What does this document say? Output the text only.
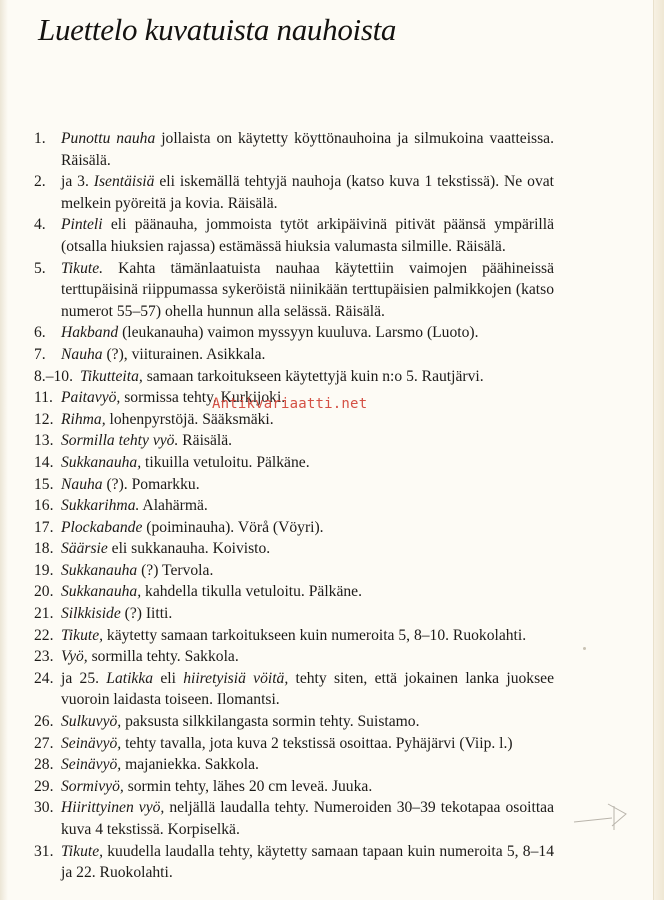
Luettelo kuvatuista nauhoista
1. Punottu nauha jollaista on käytetty köyttönauhoina ja silmukoina vaatteissa. Räisälä.
2. ja 3. Isentäisiä eli iskemällä tehtyjä nauhoja (katso kuva 1 tekstissä). Ne ovat melkein pyöreitä ja kovia. Räisälä.
4. Pinteli eli päänauha, jommoista tytöt arkipäivinä pitivät päänsä ympärillä (otsalla hiuksien rajassa) estämässä hiuksia valumasta silmille. Räisälä.
5. Tikute. Kahta tämänlaatuista nauhaa käytettiin vaimojen päähineissä terttupäisinä riippumassa sykeröistä niinikään terttupäisien palmikkojen (katso numerot 55–57) ohella hunnun alla selässä. Räisälä.
6. Hakband (leukanauha) vaimon myssyyn kuuluva. Larsmo (Luoto).
7. Nauha (?), viiturainen. Asikkala.
8.–10. Tikutteita, samaan tarkoitukseen käytettyjä kuin n:o 5. Rautjärvi.
11. Paitavyö, sormissa tehty. Kurkijoki.
12. Rihma, lohenpyrstöjä. Sääksmäki.
13. Sormilla tehty vyö. Räisälä.
14. Sukkanauha, tikuilla vetuloitu. Pälkäne.
15. Nauha (?). Pomarkku.
16. Sukkarihma. Alahärmä.
17. Plockabande (poiminauha). Vörå (Vöyri).
18. Säärsie eli sukkanauha. Koivisto.
19. Sukkanauha (?) Tervola.
20. Sukkanauha, kahdella tikulla vetuloitu. Pälkäne.
21. Silkkiside (?) Iitti.
22. Tikute, käytetty samaan tarkoitukseen kuin numeroita 5, 8–10. Ruokolahti.
23. Vyö, sormilla tehty. Sakkola.
24. ja 25. Latikka eli hiiretyisiä vöitä, tehty siten, että jokainen lanka juoksee vuoroin laidasta toiseen. Ilomantsi.
26. Sulkuvyö, paksusta silkkilangasta sormin tehty. Suistamo.
27. Seinävyö, tehty tavalla, jota kuva 2 tekstissä osoittaa. Pyhäjärvi (Viip. l.)
28. Seinävyö, majaniekka. Sakkola.
29. Sormivyö, sormin tehty, lähes 20 cm leveä. Juuka.
30. Hiirittyinen vyö, neljällä laudalla tehty. Numeroiden 30–39 tekotapaa osoittaa kuva 4 tekstissä. Korpiselkä.
31. Tikute, kuudella laudalla tehty, käytetty samaan tapaan kuin numeroita 5, 8–14 ja 22. Ruokolahti.
Antikvariaatti.net
